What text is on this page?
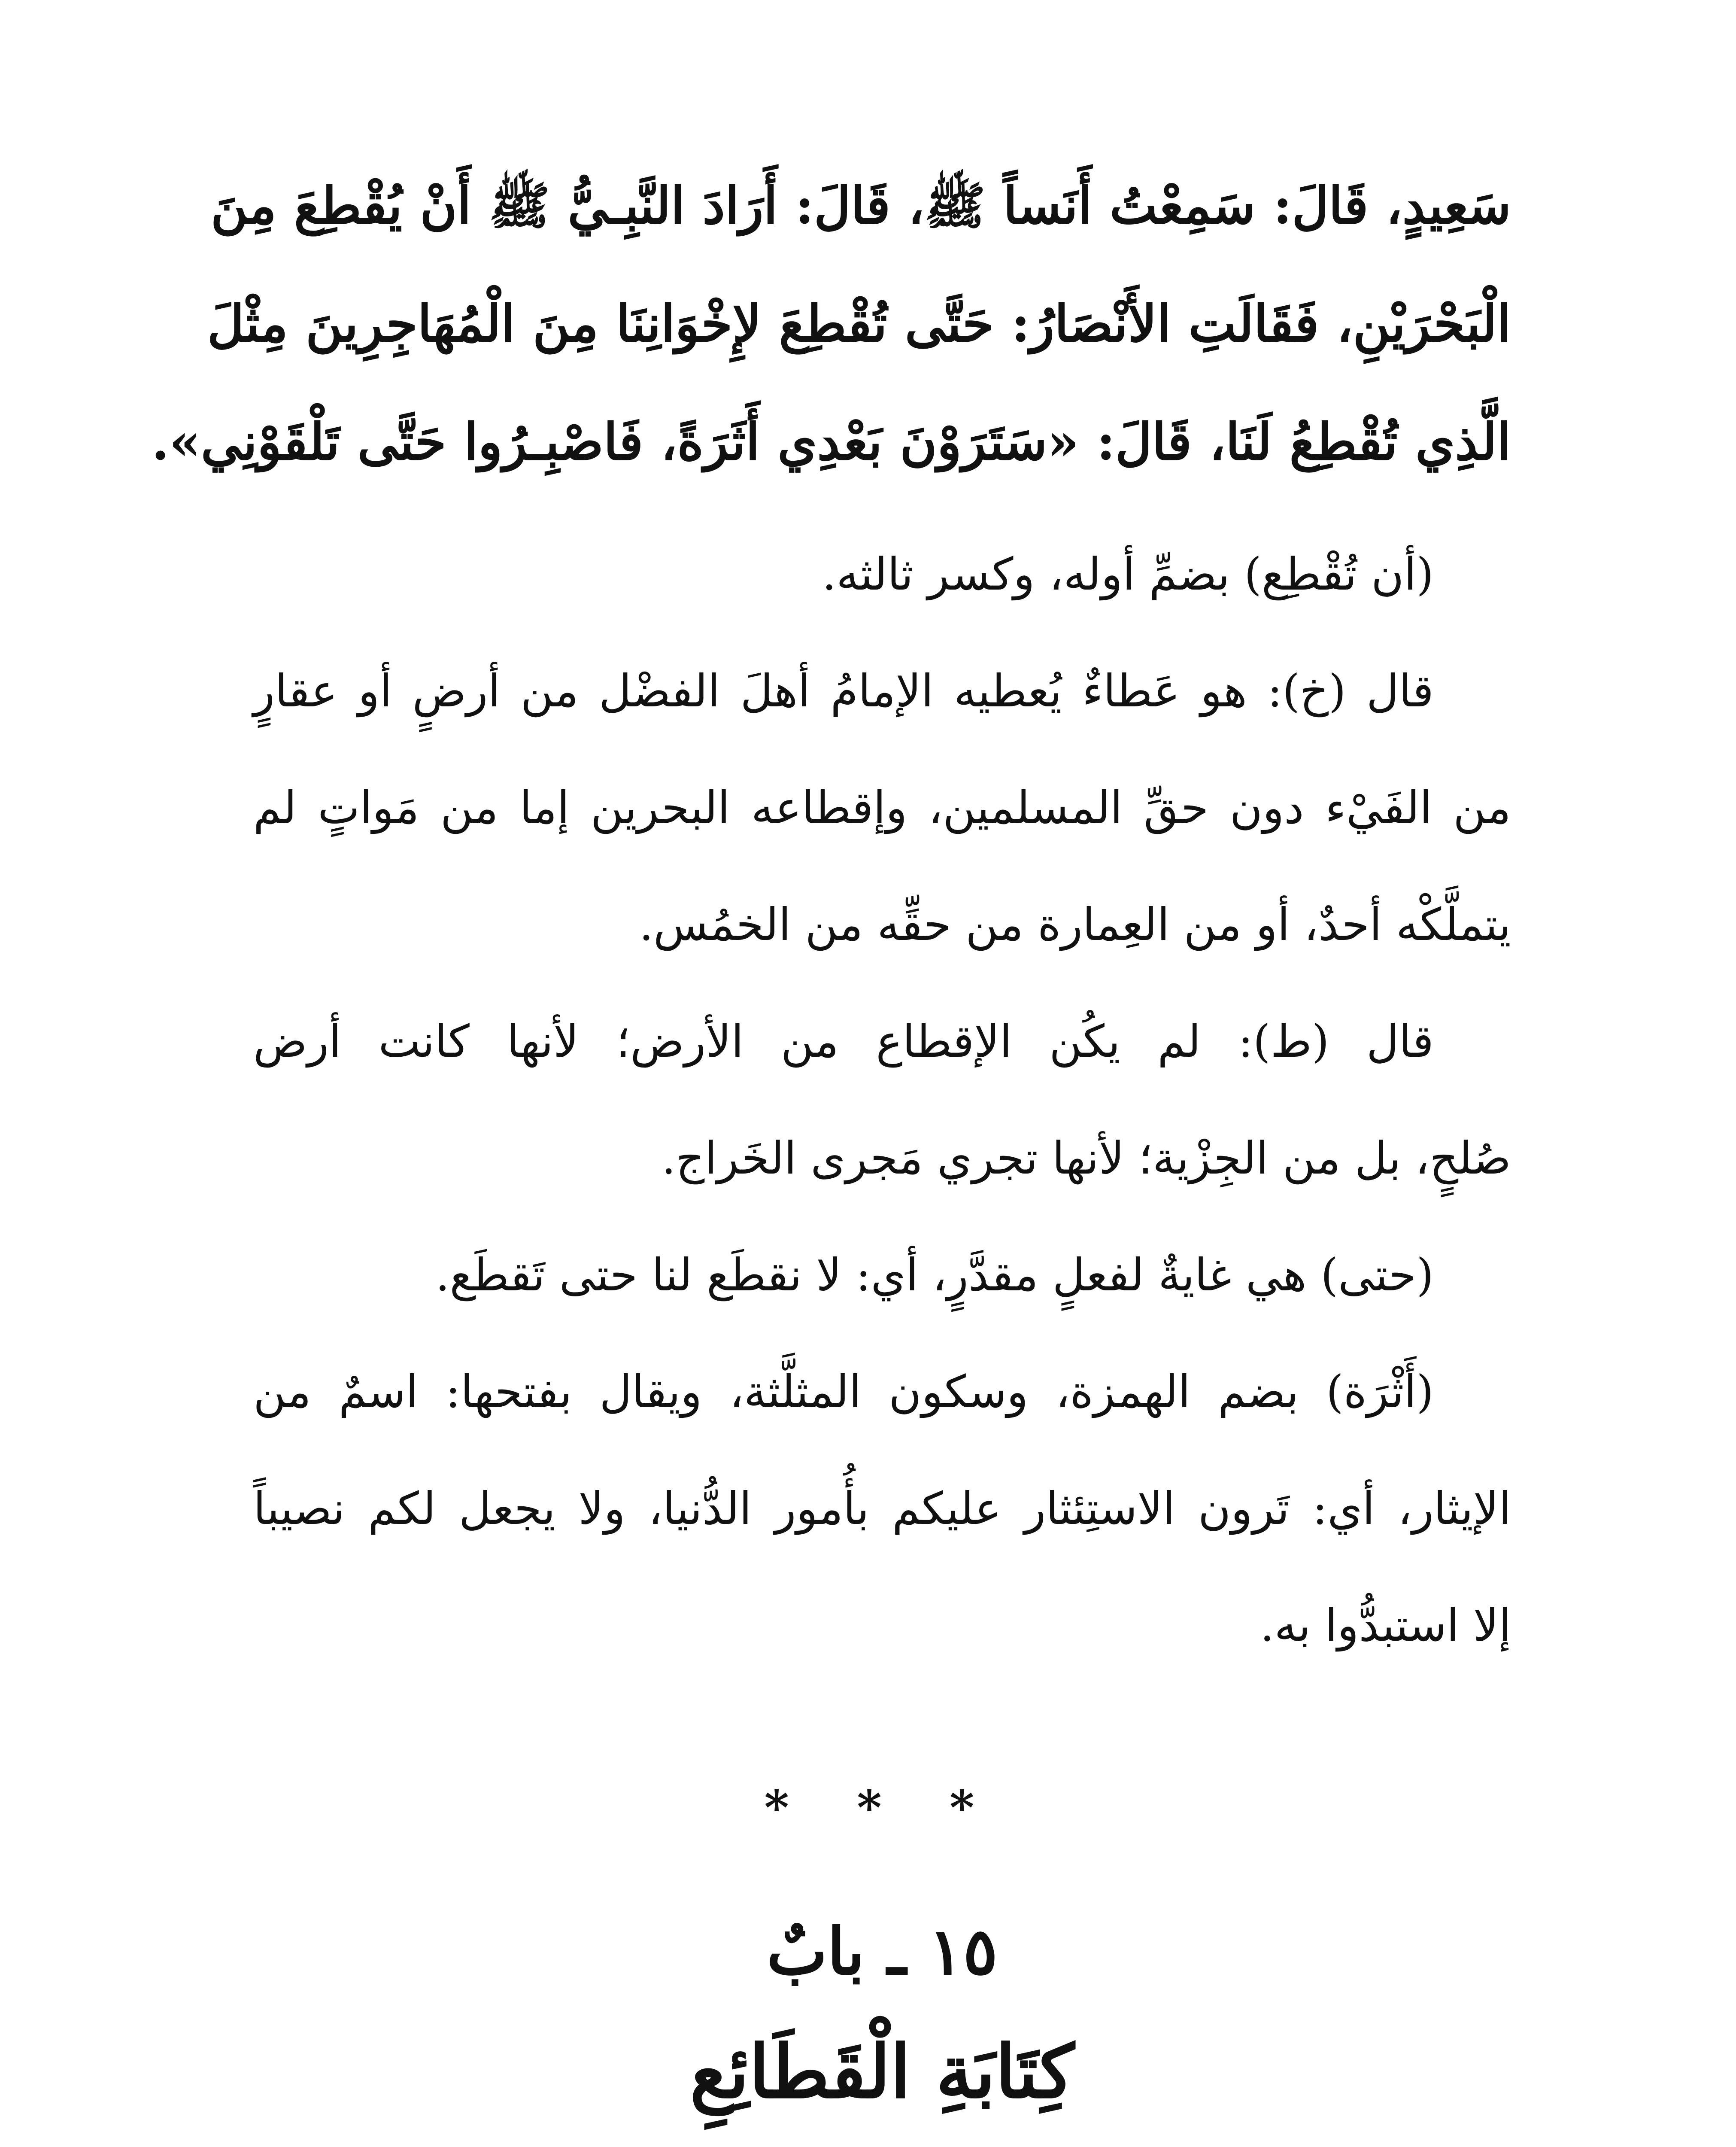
سَعِيدٍ، قَالَ: سَمِعْتُ أَنَساً ﷺ، قَالَ: أَرَادَ النَّبِـيُّ ﷺ أَنْ يُقْطِعَ مِنَ
الْبَحْرَيْنِ، فَقَالَتِ الأَنْصَارُ: حَتَّى تُقْطِعَ لإِخْوَانِنَا مِنَ الْمُهَاجِرِينَ مِثْلَ
الَّذِي تُقْطِعُ لَنَا، قَالَ: «سَتَرَوْنَ بَعْدِي أَثَرَةً، فَاصْبِـرُوا حَتَّى تَلْقَوْنِي».
(أن تُقْطِع) بضمِّ أوله، وكسر ثالثه.
قال (خ): هو عَطاءٌ يُعطيه الإمامُ أهلَ الفضْل من أرضٍ أو عقارٍ
من الفَيْء دون حقِّ المسلمين، وإقطاعه البحرين إما من مَواتٍ لم
يتملَّكْه أحدٌ، أو من العِمارة من حقِّه من الخمُس.
قال (ط): لم يكُن الإقطاع من الأرض؛ لأنها كانت أرض
صُلحٍ، بل من الجِزْية؛ لأنها تجري مَجرى الخَراج.
(حتى) هي غايةٌ لفعلٍ مقدَّرٍ، أي: لا نقطَع لنا حتى تَقطَع.
(أَثْرَة) بضم الهمزة، وسكون المثلَّثة، ويقال بفتحها: اسمٌ من
الإيثار، أي: تَرون الاستِئثار عليكم بأُمور الدُّنيا، ولا يجعل لكم نصيباً
إلا استبدُّوا به.
* * *
١٥ ـ بابٌ
كِتَابَةِ الْقَطَائِعِ
